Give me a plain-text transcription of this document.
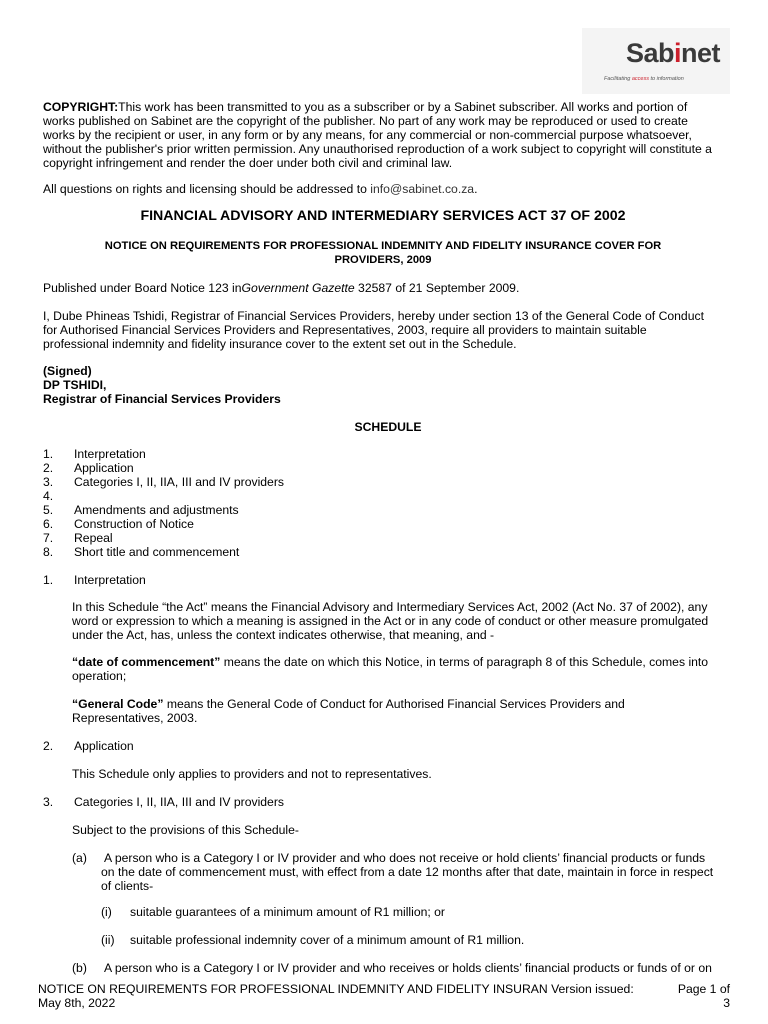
Sabinet
Facilitating access to information
COPYRIGHT:This work has been transmitted to you as a subscriber or by a Sabinet subscriber. All works and portion of
works published on Sabinet are the copyright of the publisher. No part of any work may be reproduced or used to create
works by the recipient or user, in any form or by any means, for any commercial or non-commercial purpose whatsoever,
without the publisher's prior written permission. Any unauthorised reproduction of a work subject to copyright will constitute a
copyright infringement and render the doer under both civil and criminal law.
All questions on rights and licensing should be addressed to info@sabinet.co.za.
FINANCIAL ADVISORY AND INTERMEDIARY SERVICES ACT 37 OF 2002
NOTICE ON REQUIREMENTS FOR PROFESSIONAL INDEMNITY AND FIDELITY INSURANCE COVER FOR
PROVIDERS, 2009
Published under Board Notice 123 inGovernment Gazette 32587 of 21 September 2009.
I, Dube Phineas Tshidi, Registrar of Financial Services Providers, hereby under section 13 of the General Code of Conduct
for Authorised Financial Services Providers and Representatives, 2003, require all providers to maintain suitable
professional indemnity and fidelity insurance cover to the extent set out in the Schedule.
(Signed)
DP TSHIDI,
Registrar of Financial Services Providers
SCHEDULE
1. Interpretation
2. Application
3. Categories I, II, IIA, III and IV providers
4.
5. Amendments and adjustments
6. Construction of Notice
7. Repeal
8. Short title and commencement
1. Interpretation
In this Schedule “the Act” means the Financial Advisory and Intermediary Services Act, 2002 (Act No. 37 of 2002), any
word or expression to which a meaning is assigned in the Act or in any code of conduct or other measure promulgated
under the Act, has, unless the context indicates otherwise, that meaning, and -
“date of commencement” means the date on which this Notice, in terms of paragraph 8 of this Schedule, comes into
operation;
“General Code” means the General Code of Conduct for Authorised Financial Services Providers and
Representatives, 2003.
2. Application
This Schedule only applies to providers and not to representatives.
3. Categories I, II, IIA, III and IV providers
Subject to the provisions of this Schedule-
(a) A person who is a Category I or IV provider and who does not receive or hold clients’ financial products or funds
on the date of commencement must, with effect from a date 12 months after that date, maintain in force in respect
of clients-
(i) suitable guarantees of a minimum amount of R1 million; or
(ii) suitable professional indemnity cover of a minimum amount of R1 million.
(b) A person who is a Category I or IV provider and who receives or holds clients’ financial products or funds of or on
NOTICE ON REQUIREMENTS FOR PROFESSIONAL INDEMNITY AND FIDELITY INSURAN Version issued:
May 8th, 2022
Page 1 of
3
